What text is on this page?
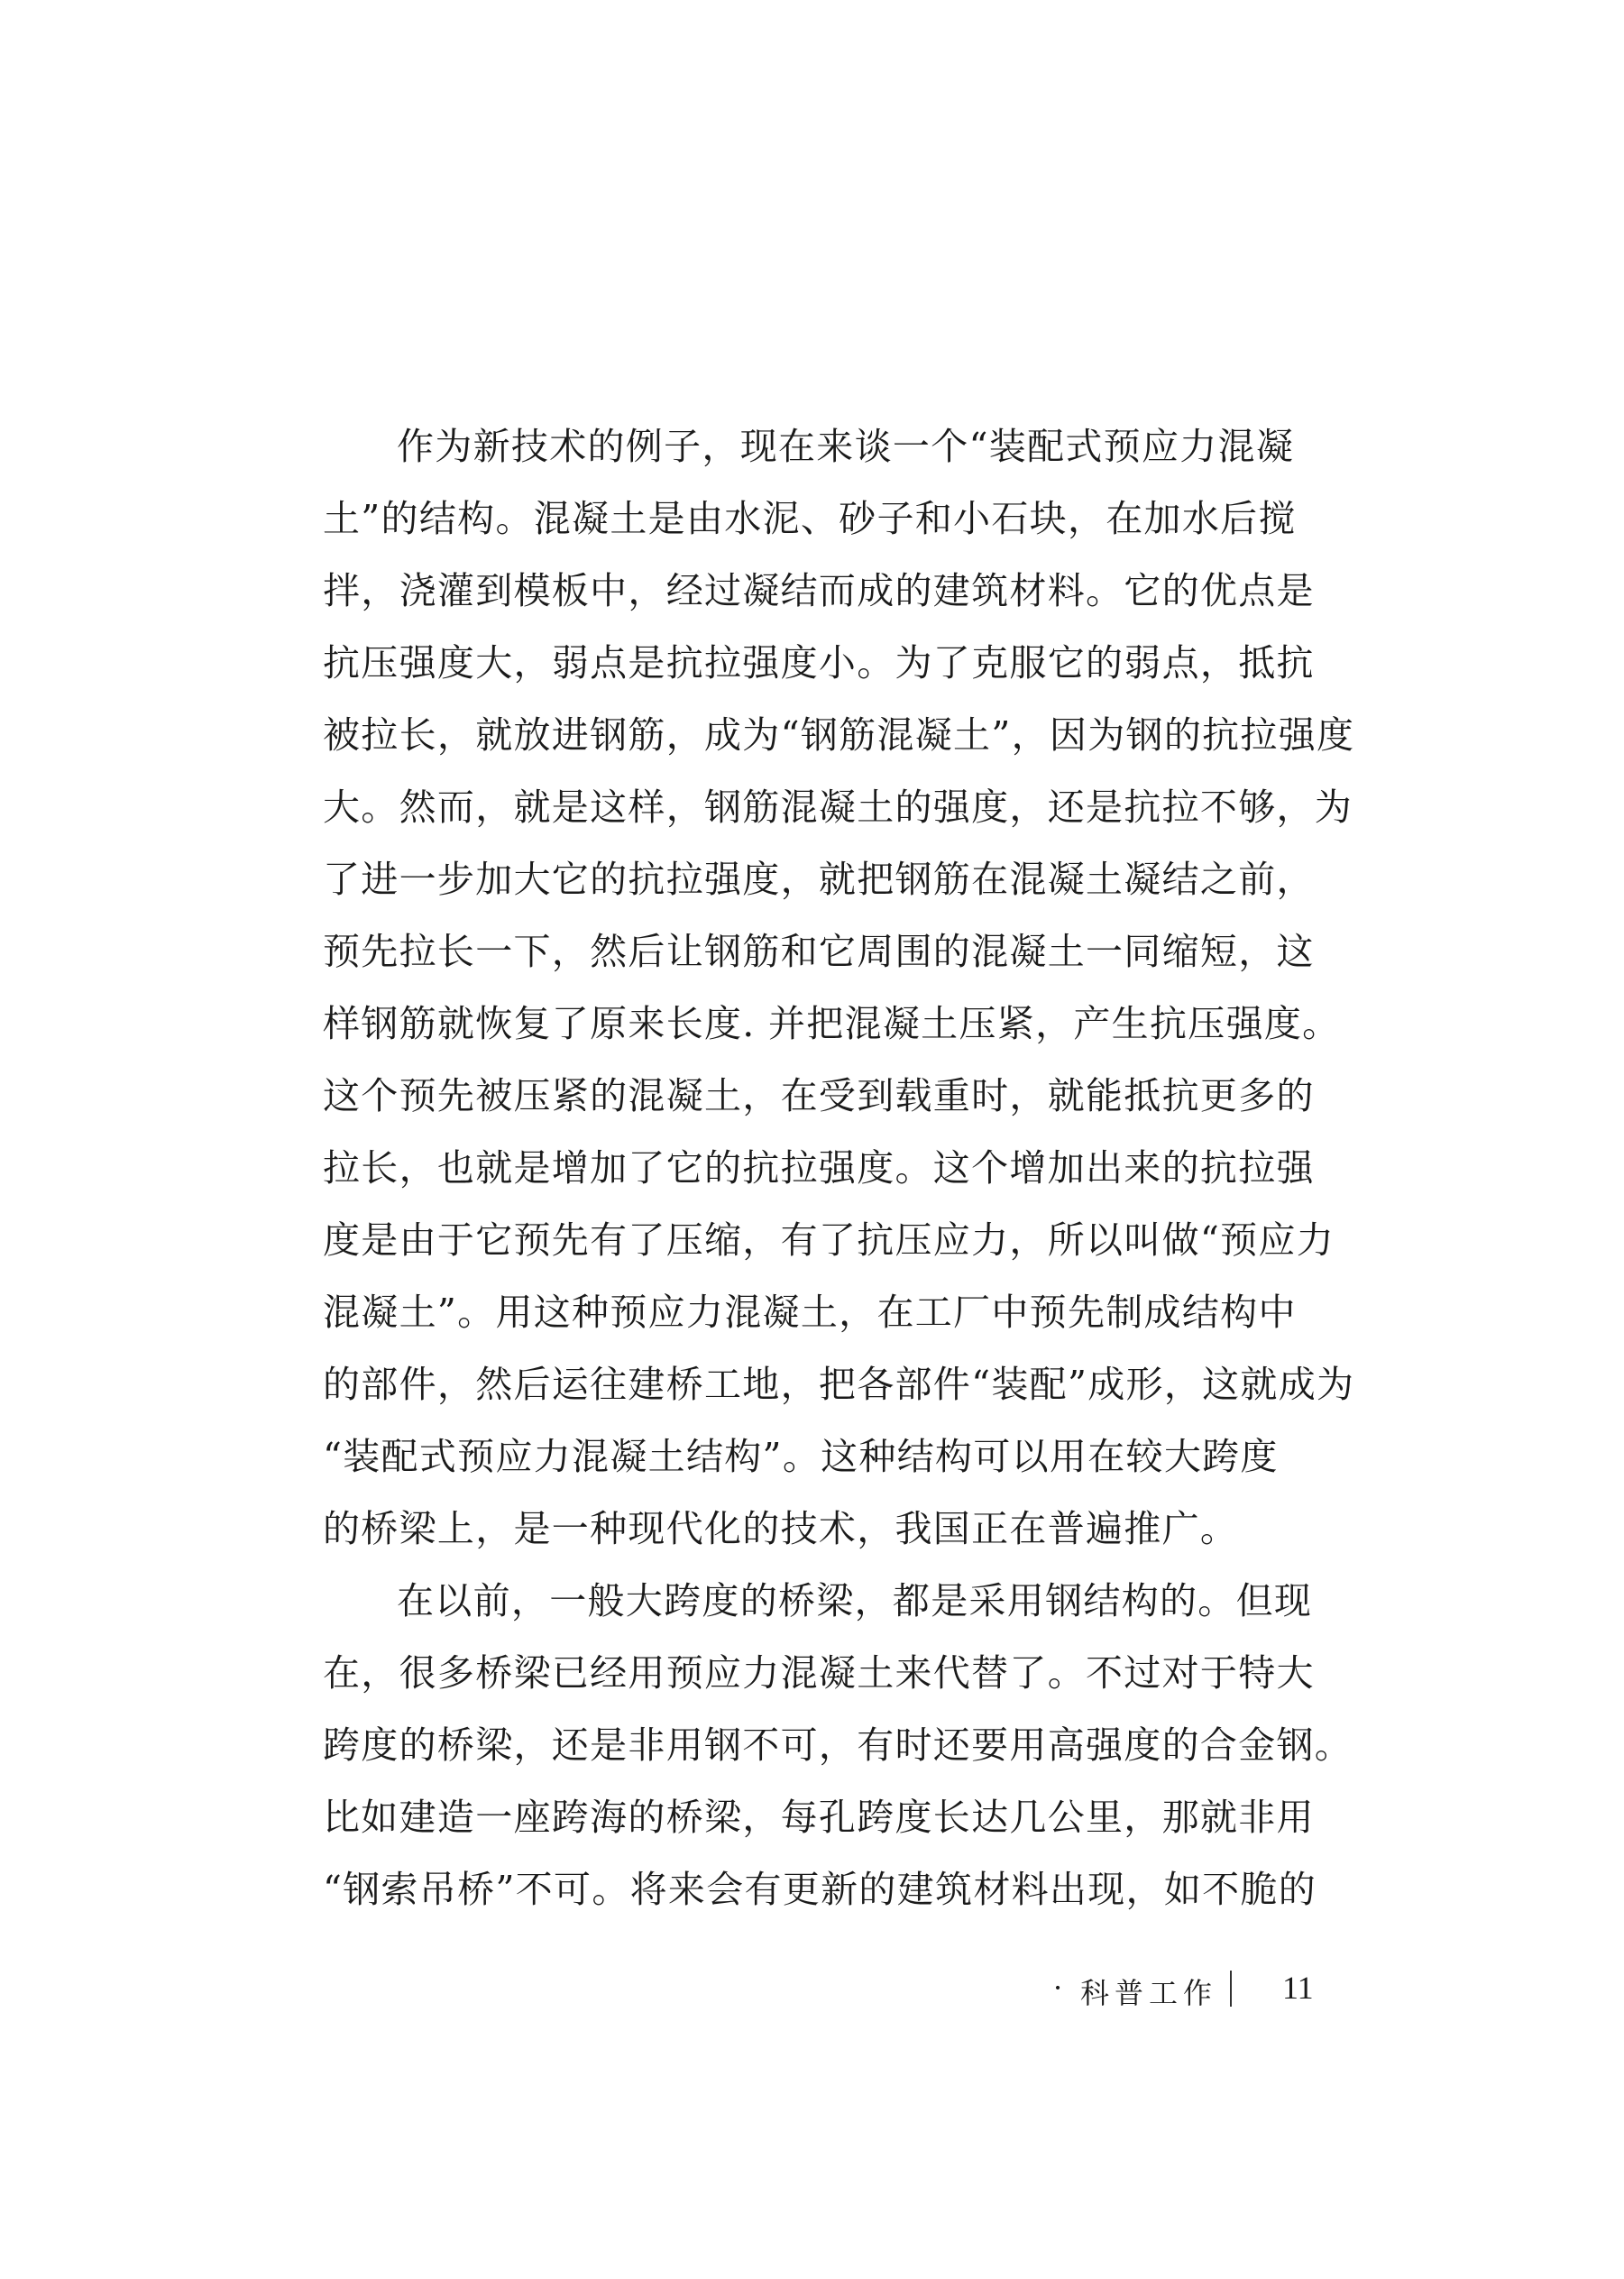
作为新技术的例子，现在来谈一个“装配式预应力混凝
土”的结构。混凝土是由水泥、砂子和小石块，在加水后搅
拌，浇灌到模板中，经过凝结而成的建筑材料。它的优点是
抗压强度大，弱点是抗拉强度小。为了克服它的弱点，抵抗
被拉长，就放进钢筋，成为“钢筋混凝土”，因为钢的抗拉强度
大。然而，就是这样，钢筋混凝土的强度，还是抗拉不够，为
了进一步加大它的抗拉强度，就把钢筋在混凝土凝结之前，
预先拉长一下，然后让钢筋和它周围的混凝土一同缩短，这
样钢筋就恢复了原来长度. 并把混凝土压紧，产生抗压强度。
这个预先被压紧的混凝土，在受到载重时，就能抵抗更多的
拉长，也就是增加了它的抗拉强度。这个增加出来的抗拉强
度是由于它预先有了压缩，有了抗压应力，所以叫做“预应力
混凝土”。用这种预应力混凝土，在工厂中预先制成结构中
的部件，然后运往建桥工地，把各部件“装配”成形，这就成为
“装配式预应力混凝土结构”。这种结构可以用在较大跨度
的桥梁上，是一种现代化的技术，我国正在普遍推广。
在以前，一般大跨度的桥梁，都是采用钢结构的。但现
在，很多桥梁已经用预应力混凝土来代替了。不过对于特大
跨度的桥梁，还是非用钢不可，有时还要用高强度的合金钢。
比如建造一座跨海的桥梁，每孔跨度长达几公里，那就非用
“钢索吊桥”不可。将来会有更新的建筑材料出现，如不脆的
· 科普工作 11
